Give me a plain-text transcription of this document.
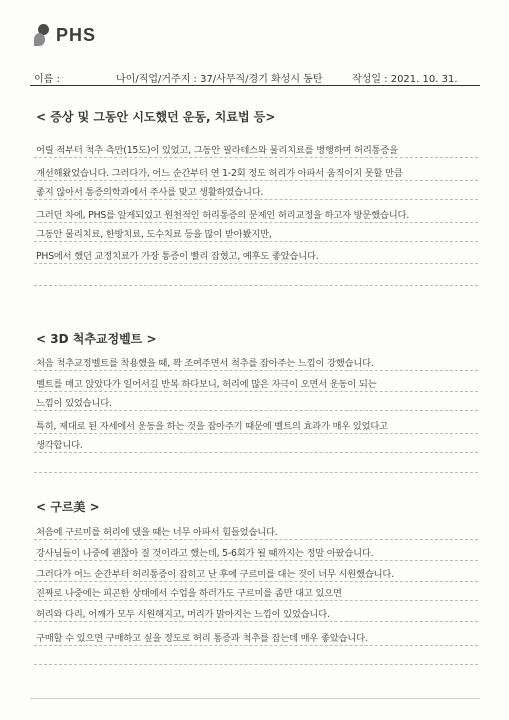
PHS
이름 :	나이/직업/거주지 : 37/사무직/경기 화성시 동탄	작성일 : 2021. 10. 31.
< 증상 및 그동안 시도했던 운동, 치료법 등>
어릴 적부터 척추 측만(15도)이 있었고, 그동안 필라테스와 물리치료를 병행하며 허리통증을
개선해왔었습니다. 그러다가, 어느 순간부터 연 1-2회 정도 허리가 아파서 움직이지 못할 만큼
좋지 않아서 통증의학과에서 주사를 맞고 생활하였습니다.
그러던 차에, PHS를 알게되었고 원천적인 허리통증의 문제인 허리교정을 하고자 방문했습니다.
그동안 물리치료, 한방치료, 도수치료 등을 많이 받아봤지만,
PHS에서 했던 교정치료가 가장 통증이 빨리 잡혔고, 예후도 좋았습니다.
< 3D 척추교정벨트 >
처음 척추교정벨트를 착용했을 때, 꽉 조여주면서 척추를 잡아주는 느낌이 강했습니다.
벨트를 매고 앉았다가 일어서길 반복 하다보니, 허리에 많은 자극이 오면서 운동이 되는
느낌이 있었습니다.
특히, 제대로 된 자세에서 운동을 하는 것을 잡아주기 때문에 벨트의 효과가 매우 있었다고
생각합니다.
< 구르美 >
처음에 구르미를 허리에 댔을 때는 너무 아파서 힘들었습니다.
강사님들이 나중에 괜찮아 질 것이라고 했는데, 5-6회가 될 때까지는 정말 아팠습니다.
그러다가 어느 순간부터 허리통증이 잡히고 난 후에 구르미를 대는 것이 너무 시원했습니다.
진짜로 나중에는 피곤한 상태에서 수업을 하러가도 구르미를 좀만 대고 있으면
허리와 다리, 어깨가 모두 시원해지고, 머리가 맑아지는 느낌이 있었습니다.
구매할 수 있으면 구매하고 싶을 정도로 허리 통증과 척추를 잡는데 매우 좋았습니다.
